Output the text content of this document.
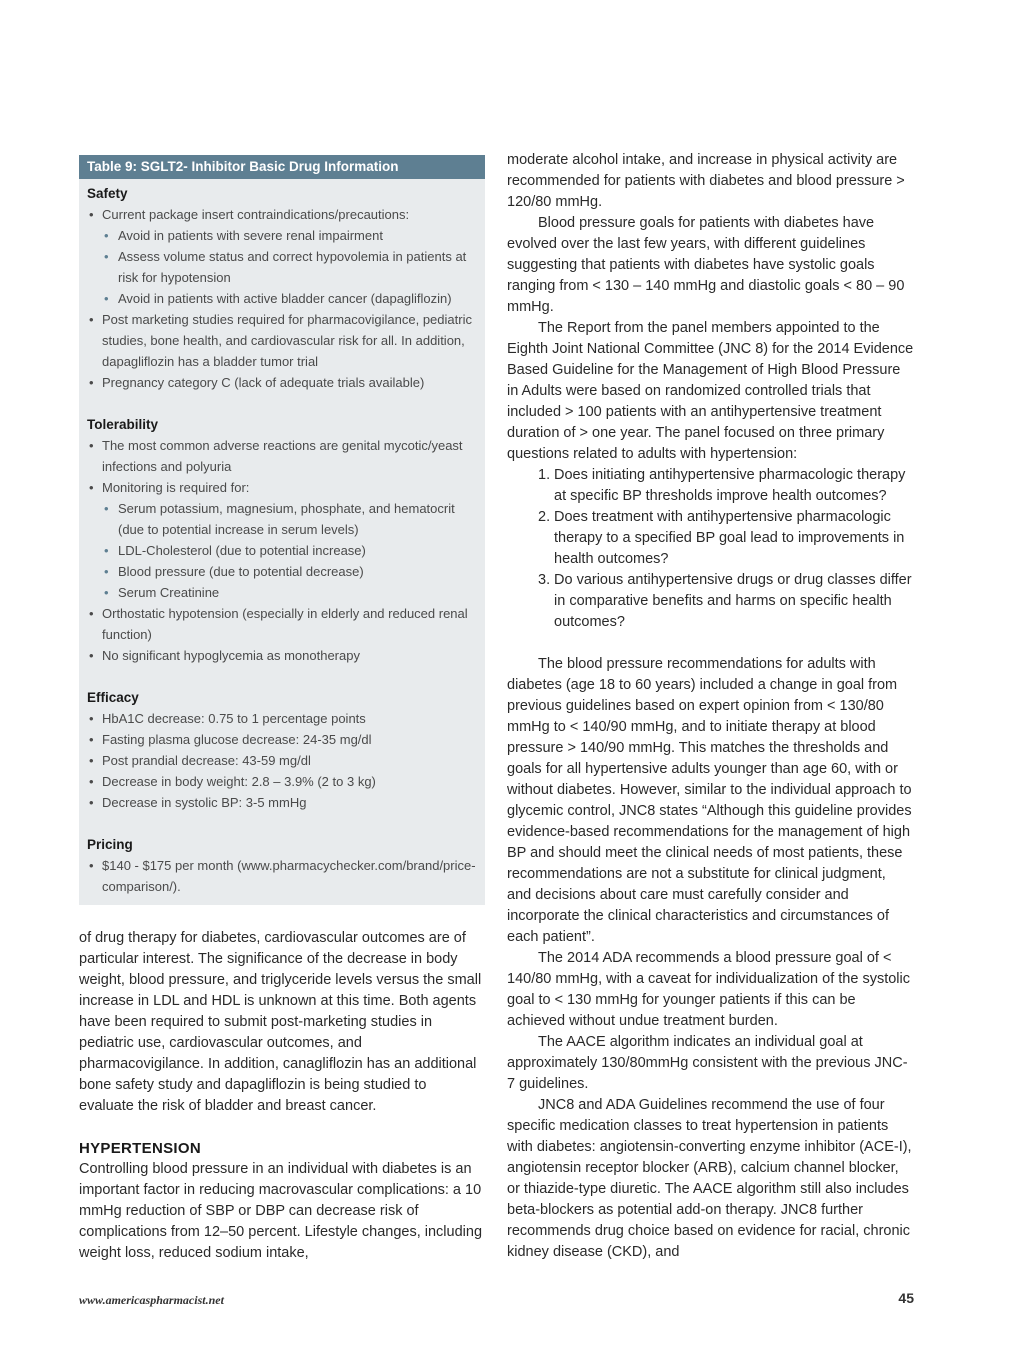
Table 9: SGLT2- Inhibitor Basic Drug Information
Safety
• Current package insert contraindications/precautions:
• Avoid in patients with severe renal impairment
• Assess volume status and correct hypovolemia in patients at risk for hypotension
• Avoid in patients with active bladder cancer (dapagliflozin)
• Post marketing studies required for pharmacovigilance, pediatric studies, bone health, and cardiovascular risk for all. In addition, dapagliflozin has a bladder tumor trial
• Pregnancy category C (lack of adequate trials available)
Tolerability
• The most common adverse reactions are genital mycotic/yeast infections and polyuria
• Monitoring is required for:
• Serum potassium, magnesium, phosphate, and hematocrit (due to potential increase in serum levels)
• LDL-Cholesterol (due to potential increase)
• Blood pressure (due to potential decrease)
• Serum Creatinine
• Orthostatic hypotension (especially in elderly and reduced renal function)
• No significant hypoglycemia as monotherapy
Efficacy
• HbA1C decrease: 0.75 to 1 percentage points
• Fasting plasma glucose decrease: 24-35 mg/dl
• Post prandial decrease: 43-59 mg/dl
• Decrease in body weight: 2.8 – 3.9% (2 to 3 kg)
• Decrease in systolic BP: 3-5 mmHg
Pricing
• $140 - $175 per month (www.pharmacychecker.com/brand/price-comparison/).

of drug therapy for diabetes, cardiovascular outcomes are of particular interest. The significance of the decrease in body weight, blood pressure, and triglyceride levels versus the small increase in LDL and HDL is unknown at this time. Both agents have been required to submit post-marketing studies in pediatric use, cardiovascular outcomes, and pharmacovigilance. In addition, canagliflozin has an additional bone safety study and dapagliflozin is being studied to evaluate the risk of bladder and breast cancer.

HYPERTENSION

Controlling blood pressure in an individual with diabetes is an important factor in reducing macrovascular complications: a 10 mmHg reduction of SBP or DBP can decrease risk of complications from 12–50 percent. Lifestyle changes, including weight loss, reduced sodium intake,

moderate alcohol intake, and increase in physical activity are recommended for patients with diabetes and blood pressure > 120/80 mmHg.

Blood pressure goals for patients with diabetes have evolved over the last few years, with different guidelines suggesting that patients with diabetes have systolic goals ranging from < 130 – 140 mmHg and diastolic goals < 80 – 90 mmHg.

The Report from the panel members appointed to the Eighth Joint National Committee (JNC 8) for the 2014 Evidence Based Guideline for the Management of High Blood Pressure in Adults were based on randomized controlled trials that included > 100 patients with an antihypertensive treatment duration of > one year. The panel focused on three primary questions related to adults with hypertension:

1. Does initiating antihypertensive pharmacologic therapy at specific BP thresholds improve health outcomes?

2. Does treatment with antihypertensive pharmacologic therapy to a specified BP goal lead to improvements in health outcomes?

3. Do various antihypertensive drugs or drug classes differ in comparative benefits and harms on specific health outcomes?

The blood pressure recommendations for adults with diabetes (age 18 to 60 years) included a change in goal from previous guidelines based on expert opinion from < 130/80 mmHg to < 140/90 mmHg, and to initiate therapy at blood pressure > 140/90 mmHg. This matches the thresholds and goals for all hypertensive adults younger than age 60, with or without diabetes. However, similar to the individual approach to glycemic control, JNC8 states “Although this guideline provides evidence-based recommendations for the management of high BP and should meet the clinical needs of most patients, these recommendations are not a substitute for clinical judgment, and decisions about care must carefully consider and incorporate the clinical characteristics and circumstances of each patient”.

The 2014 ADA recommends a blood pressure goal of < 140/80 mmHg, with a caveat for individualization of the systolic goal to < 130 mmHg for younger patients if this can be achieved without undue treatment burden.

The AACE algorithm indicates an individual goal at approximately 130/80mmHg consistent with the previous JNC-7 guidelines.

JNC8 and ADA Guidelines recommend the use of four specific medication classes to treat hypertension in patients with diabetes: angiotensin-converting enzyme inhibitor (ACE-I), angiotensin receptor blocker (ARB), calcium channel blocker, or thiazide-type diuretic. The AACE algorithm still also includes beta-blockers as potential add-on therapy. JNC8 further recommends drug choice based on evidence for racial, chronic kidney disease (CKD), and

www.americaspharmacist.net	45
